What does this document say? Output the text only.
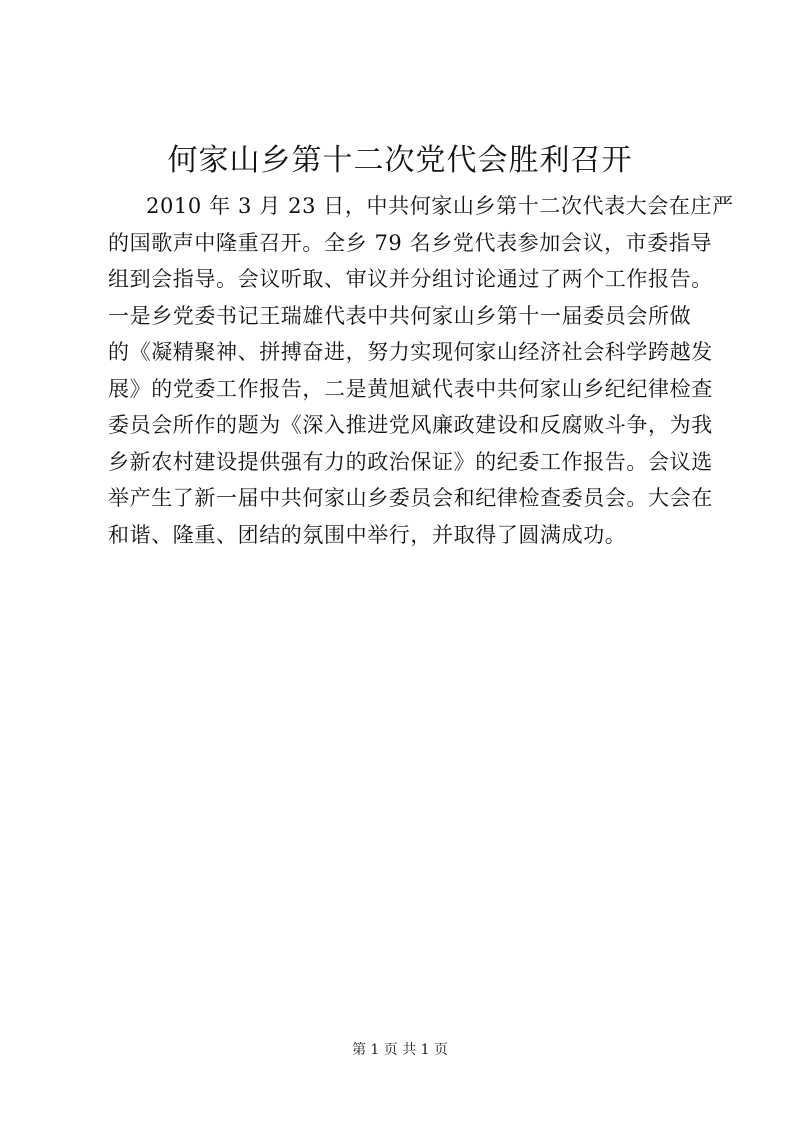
何家山乡第十二次党代会胜利召开
2010 年 3 月 23 日，中共何家山乡第十二次代表大会在庄严
的国歌声中隆重召开。全乡 79 名乡党代表参加会议，市委指导
组到会指导。会议听取、审议并分组讨论通过了两个工作报告。
一是乡党委书记王瑞雄代表中共何家山乡第十一届委员会所做
的《凝精聚神、拼搏奋进，努力实现何家山经济社会科学跨越发
展》的党委工作报告，二是黄旭斌代表中共何家山乡纪纪律检查
委员会所作的题为《深入推进党风廉政建设和反腐败斗争，为我
乡新农村建设提供强有力的政治保证》的纪委工作报告。会议选
举产生了新一届中共何家山乡委员会和纪律检查委员会。大会在
和谐、隆重、团结的氛围中举行，并取得了圆满成功。
第 1 页 共 1 页
